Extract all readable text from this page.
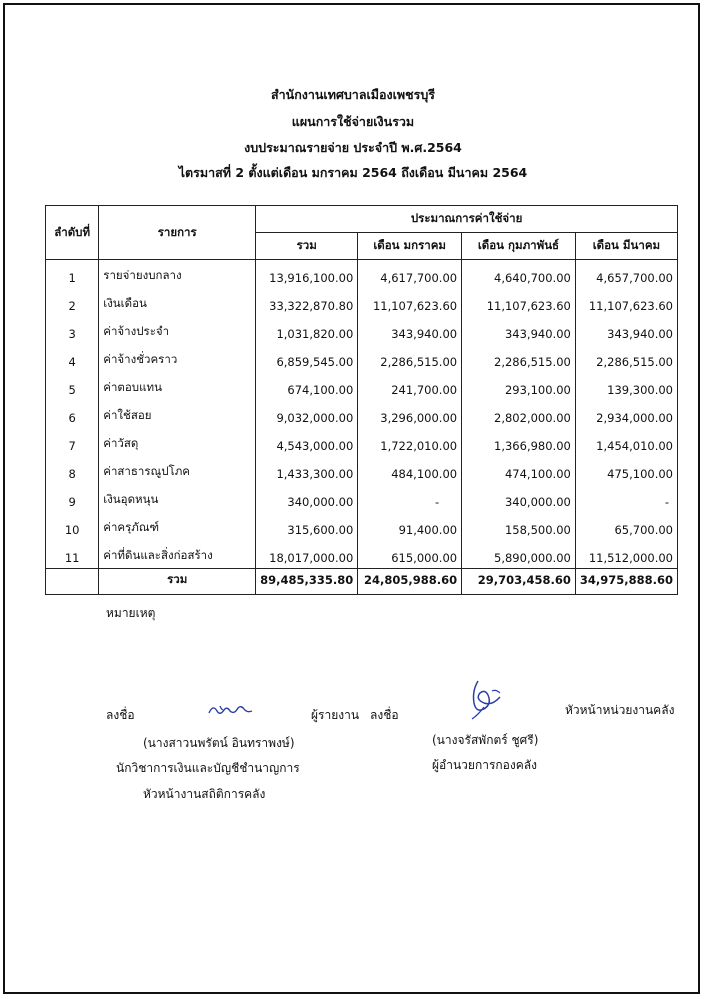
สำนักงานเทศบาลเมืองเพชรบุรี
แผนการใช้จ่ายเงินรวม
งบประมาณรายจ่าย ประจำปี พ.ศ.2564
ไตรมาสที่ 2 ตั้งแต่เดือน มกราคม 2564 ถึงเดือน มีนาคม 2564
ลำดับที่	รายการ	ประมาณการค่าใช้จ่าย			
		รวม	เดือน มกราคม	เดือน กุมภาพันธ์	เดือน มีนาคม
1	รายจ่ายงบกลาง	13,916,100.00	4,617,700.00	4,640,700.00	4,657,700.00
2	เงินเดือน	33,322,870.80	11,107,623.60	11,107,623.60	11,107,623.60
3	ค่าจ้างประจำ	1,031,820.00	343,940.00	343,940.00	343,940.00
4	ค่าจ้างชั่วคราว	6,859,545.00	2,286,515.00	2,286,515.00	2,286,515.00
5	ค่าตอบแทน	674,100.00	241,700.00	293,100.00	139,300.00
6	ค่าใช้สอย	9,032,000.00	3,296,000.00	2,802,000.00	2,934,000.00
7	ค่าวัสดุ	4,543,000.00	1,722,010.00	1,366,980.00	1,454,010.00
8	ค่าสาธารณูปโภค	1,433,300.00	484,100.00	474,100.00	475,100.00
9	เงินอุดหนุน	340,000.00	-	340,000.00	-
10	ค่าครุภัณฑ์	315,600.00	91,400.00	158,500.00	65,700.00
11	ค่าที่ดินและสิ่งก่อสร้าง	18,017,000.00	615,000.00	5,890,000.00	11,512,000.00
	รวม	89,485,335.80	24,805,988.60	29,703,458.60	34,975,888.60
หมายเหตุ
ลงชื่อ	ผู้รายงาน
(นางสาวนพรัตน์ อินทราพงษ์)
นักวิชาการเงินและบัญชีชำนาญการ
หัวหน้างานสถิติการคลัง
ลงชื่อ	หัวหน้าหน่วยงานคลัง
(นางจรัสพักตร์ ชูศรี)
ผู้อำนวยการกองคลัง
